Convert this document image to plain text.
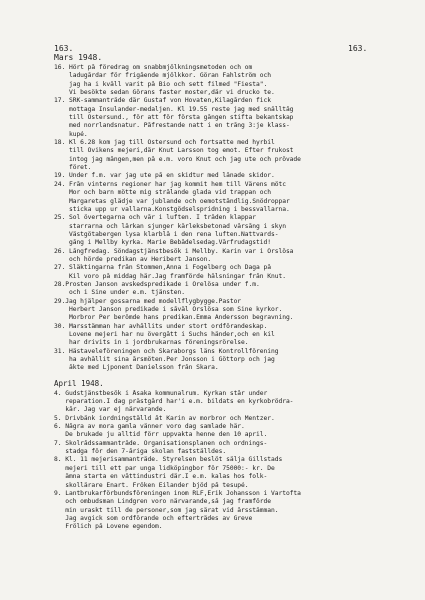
163.
163.
Mars 1948.
16. Hört på föredrag om snabbmjölkningsmetoden och om
ladugårdar för frigående mjölkkor. Göran Fahlström och
jag ha i kväll varit på Bio och sett filmed "Fiesta".
Vi besökte sedan Görans faster moster,där vi drucko te.
17. SRK-sammanträde där Gustaf von Hovaten,Kilagården fick
mottaga Insulander-medaljen. Kl 19.55 reste jag med snälltåg
till Östersund., för att för första gången stifta bekantskap
med norrlandsnatur. Påfrestande natt i en trång 3:je klass-
kupé.
18. Kl 6.28 kom jag till Östersund och fortsatte med hyrbil
till Ovikens mejeri,där Knut Larsson tog emot. Efter frukost
intog jag mången,men på e.m. voro Knut och jag ute och prövade
föret.
19. Under f.m. var jag ute på en skidtur med lånade skidor.
24. Från vinterns regioner har jag kommit hem till Värens mötc
Mor och barn mötte mig strålande glada vid trappan och
Margaretas glädje var jublande och oemotståndlig.Snödroppar
sticka upp ur vallarna.Konstgödselspridning i bessvallarna.
25. Sol övertegarna och vår i luften. I träden klappar
starrarna och lärkan sjunger kärleksbetonad vårsång i skyn
Västgötabergen lysa klarblå i den rena luften.Nattvards-
gång i Mellby kyrka. Marie Bebådelsedag.Vårfrudagstid!
26. Långfredag. Söndagstjänstbesök i Mellby. Karin var i Örslösa
och hörde predikan av Heribert Janson.
27. Släktingarna från Stommen,Anna i Fogelberg och Daga på
Kil voro på middag här.Jag framförde hälsningar från Knut.
28.Prosten Janson avskedspredikade i Örelösa under f.m.
och i Sine under e.m. tjänsten.
29.Jag hjälper gossarna med modellflygbygge.Pastor
Herbert Janson predikade i såväl Örslösa som Sine kyrkor.
Morbror Per berömde hans predikan.Emma Andersson begravning.
30. Marsstämman har avhållits under stort ordförandeskap.
Lovene mejeri har nu övergått i Suchs händer,och en kil
har drivits in i jordbrukarnas föreningsrörelse.
31. Hästaveleföreningen och Skaraborgs läns Kontrollförening
ha avhållit sina årsmöten.Per Jonsson i Göttorp och jag
åkte med Ljponent Danielsson från Skara.
April 1948.
4. Gudstjänstbesök i Åsaka kommunalrum. Kyrkan står under
reparation.I dag prästgård har'i e.m. bildats en kyrkobrödra-
kår. Jag var ej närvarande.
5. Drivbänk iordningställd åt Karin av morbror och Mentzer.
6. Några av mora gamla vänner voro dag samlade här.
De brukade ju alltid förr uppvakta henne den 10 april.
7. Skolrådssammanträde. Organisationsplanen och ordnings-
stadga för den 7-åriga skolan fastställdes.
8. Kl. 11 mejerisammanträde. Styrelsen beslöt sälja Gillstads
mejeri till ett par unga lidköpingbor för 75000:- kr. De
ämna starta en vättindustri där.I e.m. kalas hos folk-
skollärare Enart. Fröken Eilander bjöd på tesupé.
9. Lantbrukarförbundsföreningen inom RLF,Erik Johansson i Vartofta
och ombudsman Lindgren voro närvarande,så jag framförde
min uraskt till de personer,som jag särat vid årsstämman.
Jag avgick som ordförande och efterträdes av Greve
Frölich på Lovene egendom.
